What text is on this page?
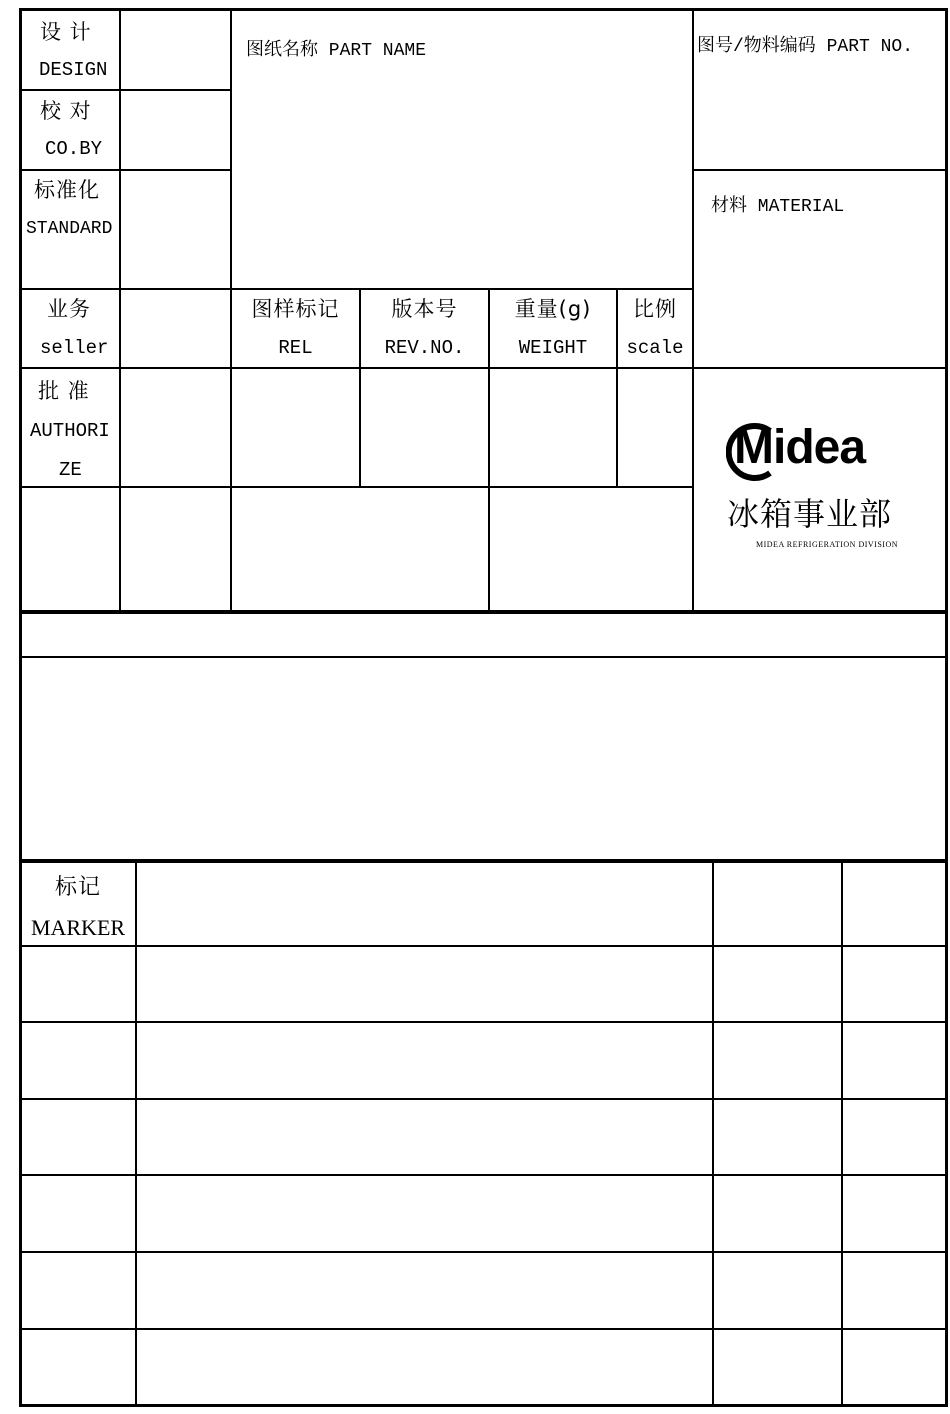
设 计
DESIGN
校 对
CO.BY
标准化
STANDARD
业务
seller
批 准
AUTHORI
ZE
图纸名称 PART NAME	图号/物料编码 PART NO.
材料 MATERIAL
图样标记
REL
版本号
REV.NO.
重量(g)
WEIGHT
比例
scale
Midea
冰箱事业部
MIDEA REFRIGERATION DIVISION
标记
MARKER
